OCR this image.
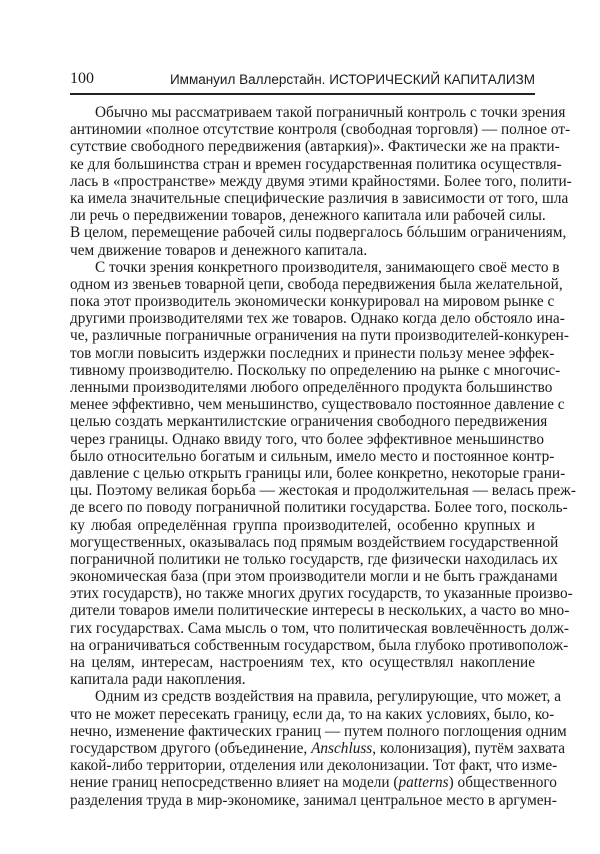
100	Иммануил Валлерстайн. ИСТОРИЧЕСКИЙ КАПИТАЛИЗМ
Обычно мы рассматриваем такой пограничный контроль с точки зрения
антиномии «полное отсутствие контроля (свободная торговля) — полное от-
сутствие свободного передвижения (автаркия)». Фактически же на практи-
ке для большинства стран и времен государственная политика осуществля-
лась в «пространстве» между двумя этими крайностями. Более того, полити-
ка имела значительные специфические различия в зависимости от того, шла
ли речь о передвижении товаров, денежного капитала или рабочей силы.
В целом, перемещение рабочей силы подвергалось бóльшим ограничениям,
чем движение товаров и денежного капитала.
С точки зрения конкретного производителя, занимающего своё место в
одном из звеньев товарной цепи, свобода передвижения была желательной,
пока этот производитель экономически конкурировал на мировом рынке с
другими производителями тех же товаров. Однако когда дело обстояло ина-
че, различные пограничные ограничения на пути производителей-конкурен-
тов могли повысить издержки последних и принести пользу менее эффек-
тивному производителю. Поскольку по определению на рынке с многочис-
ленными производителями любого определённого продукта большинство
менее эффективно, чем меньшинство, существовало постоянное давление с
целью создать меркантилистские ограничения свободного передвижения
через границы. Однако ввиду того, что более эффективное меньшинство
было относительно богатым и сильным, имело место и постоянное контр-
давление с целью открыть границы или, более конкретно, некоторые грани-
цы. Поэтому великая борьба — жестокая и продолжительная — велась преж-
де всего по поводу пограничной политики государства. Более того, посколь-
ку любая определённая группа производителей, особенно крупных и
могущественных, оказывалась под прямым воздействием государственной
пограничной политики не только государств, где физически находилась их
экономическая база (при этом производители могли и не быть гражданами
этих государств), но также многих других государств, то указанные произво-
дители товаров имели политические интересы в нескольких, а часто во мно-
гих государствах. Сама мысль о том, что политическая вовлечённость долж-
на ограничиваться собственным государством, была глубоко противополож-
на целям, интересам, настроениям тех, кто осуществлял накопление
капитала ради накопления.
Одним из средств воздействия на правила, регулирующие, что может, а
что не может пересекать границу, если да, то на каких условиях, было, ко-
нечно, изменение фактических границ — путем полного поглощения одним
государством другого (объединение, Anschluss, колонизация), путём захвата
какой-либо территории, отделения или деколонизации. Тот факт, что изме-
нение границ непосредственно влияет на модели (patterns) общественного
разделения труда в мир-экономике, занимал центральное место в аргумен-
